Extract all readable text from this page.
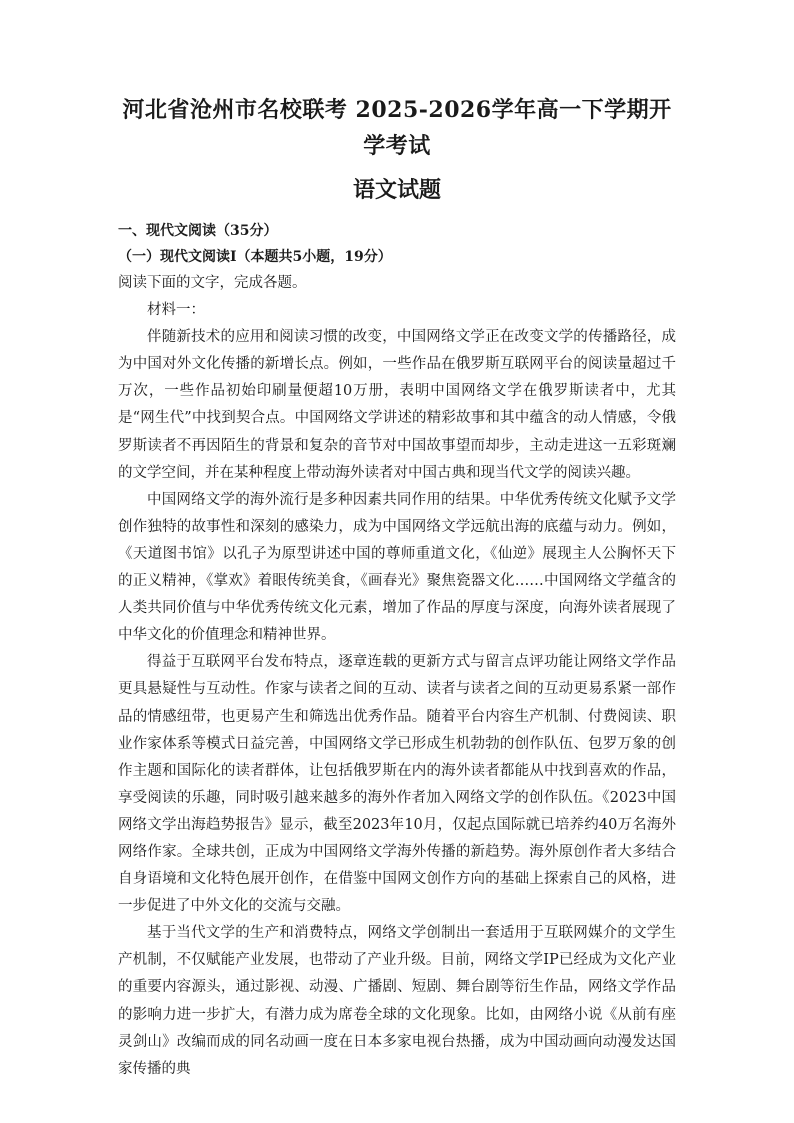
河北省沧州市名校联考 2025-2026学年高一下学期开学考试
语文试题

一、现代文阅读（35分）

（一）现代文阅读Ⅰ（本题共5小题，19分）

阅读下面的文字，完成各题。

材料一：

伴随新技术的应用和阅读习惯的改变，中国网络文学正在改变文学的传播路径，成为中国对外文化传播的新增长点。例如，一些作品在俄罗斯互联网平台的阅读量超过千万次，一些作品初始印刷量便超10万册，表明中国网络文学在俄罗斯读者中，尤其是“网生代”中找到契合点。中国网络文学讲述的精彩故事和其中蕴含的动人情感，令俄罗斯读者不再因陌生的背景和复杂的音节对中国故事望而却步，主动走进这一五彩斑斓的文学空间，并在某种程度上带动海外读者对中国古典和现当代文学的阅读兴趣。

中国网络文学的海外流行是多种因素共同作用的结果。中华优秀传统文化赋予文学创作独特的故事性和深刻的感染力，成为中国网络文学远航出海的底蕴与动力。例如，《天道图书馆》以孔子为原型讲述中国的尊师重道文化，《仙逆》展现主人公胸怀天下的正义精神，《掌欢》着眼传统美食，《画春光》聚焦瓷器文化……中国网络文学蕴含的人类共同价值与中华优秀传统文化元素，增加了作品的厚度与深度，向海外读者展现了中华文化的价值理念和精神世界。

得益于互联网平台发布特点，逐章连载的更新方式与留言点评功能让网络文学作品更具悬疑性与互动性。作家与读者之间的互动、读者与读者之间的互动更易系紧一部作品的情感纽带，也更易产生和筛选出优秀作品。随着平台内容生产机制、付费阅读、职业作家体系等模式日益完善，中国网络文学已形成生机勃勃的创作队伍、包罗万象的创作主题和国际化的读者群体，让包括俄罗斯在内的海外读者都能从中找到喜欢的作品，享受阅读的乐趣，同时吸引越来越多的海外作者加入网络文学的创作队伍。《2023中国网络文学出海趋势报告》显示，截至2023年10月，仅起点国际就已培养约40万名海外网络作家。全球共创，正成为中国网络文学海外传播的新趋势。海外原创作者大多结合自身语境和文化特色展开创作，在借鉴中国网文创作方向的基础上探索自己的风格，进一步促进了中外文化的交流与交融。

基于当代文学的生产和消费特点，网络文学创制出一套适用于互联网媒介的文学生产机制，不仅赋能产业发展，也带动了产业升级。目前，网络文学IP已经成为文化产业的重要内容源头，通过影视、动漫、广播剧、短剧、舞台剧等衍生作品，网络文学作品的影响力进一步扩大，有潜力成为席卷全球的文化现象。比如，由网络小说《从前有座灵剑山》改编而成的同名动画一度在日本多家电视台热播，成为中国动画向动漫发达国家传播的典
